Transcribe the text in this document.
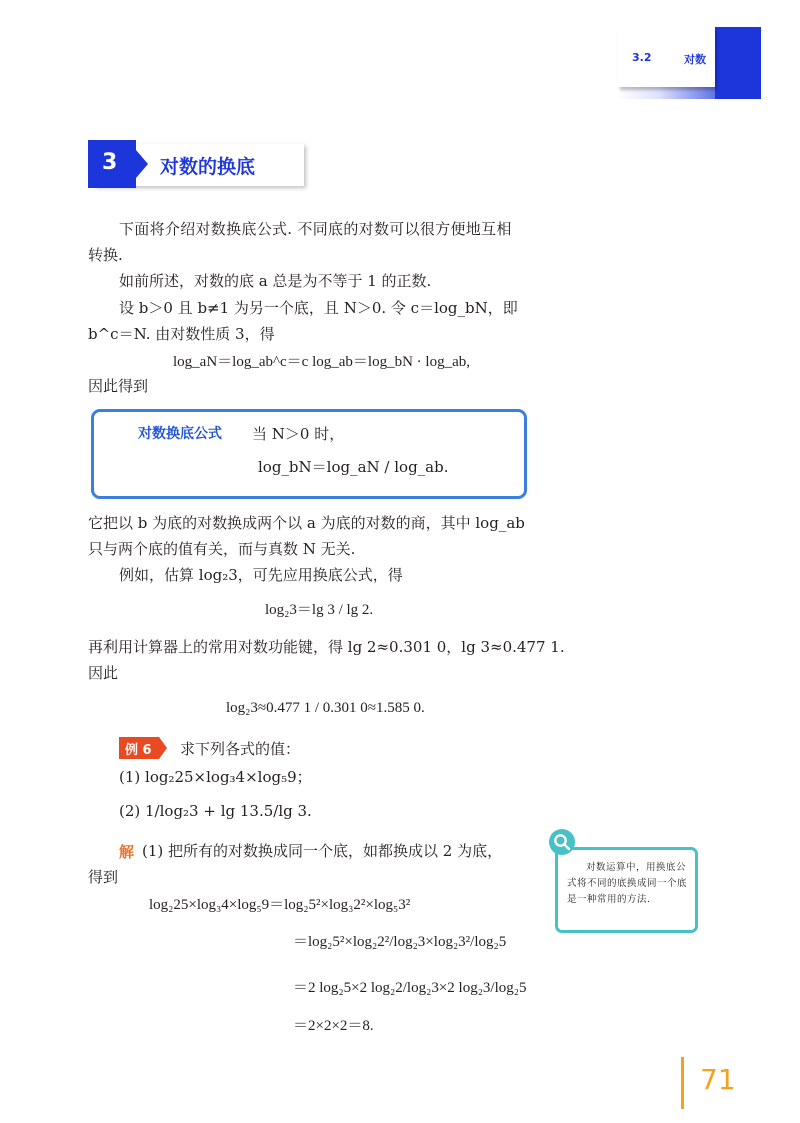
3.2	对数
3 对数的换底
下面将介绍对数换底公式. 不同底的对数可以很方便地互相
转换.
如前所述，对数的底 a 总是为不等于 1 的正数.
设 b＞0 且 b≠1 为另一个底，且 N＞0. 令 c＝log_bN，即
b^c＝N. 由对数性质 3，得
log_aN＝log_ab^c＝c log_ab＝log_bN · log_ab,
因此得到
对数换底公式 当 N＞0 时，
log_bN＝log_aN / log_ab.
它把以 b 为底的对数换成两个以 a 为底的对数的商，其中 log_ab
只与两个底的值有关，而与真数 N 无关.
例如，估算 log₂3，可先应用换底公式，得
log₂3＝lg 3 / lg 2.
再利用计算器上的常用对数功能键，得 lg 2≈0.301 0，lg 3≈0.477 1.
因此
log₂3≈0.477 1 / 0.301 0≈1.585 0.
例 6 求下列各式的值：
(1) log₂25×log₃4×log₅9；
(2) 1/log₂3 + lg 13.5/lg 3.
解 (1) 把所有的对数换成同一个底，如都换成以 2 为底，
得到
log₂25×log₃4×log₅9＝log₂5²×log₃2²×log₅3²
＝log₂5²×log₂2²/log₂3×log₂3²/log₂5
＝2 log₂5×2 log₂2/log₂3×2 log₂3/log₂5
＝2×2×2＝8.
对数运算中，用换底公式将不同的底换成同一个底是一种常用的方法.
71
